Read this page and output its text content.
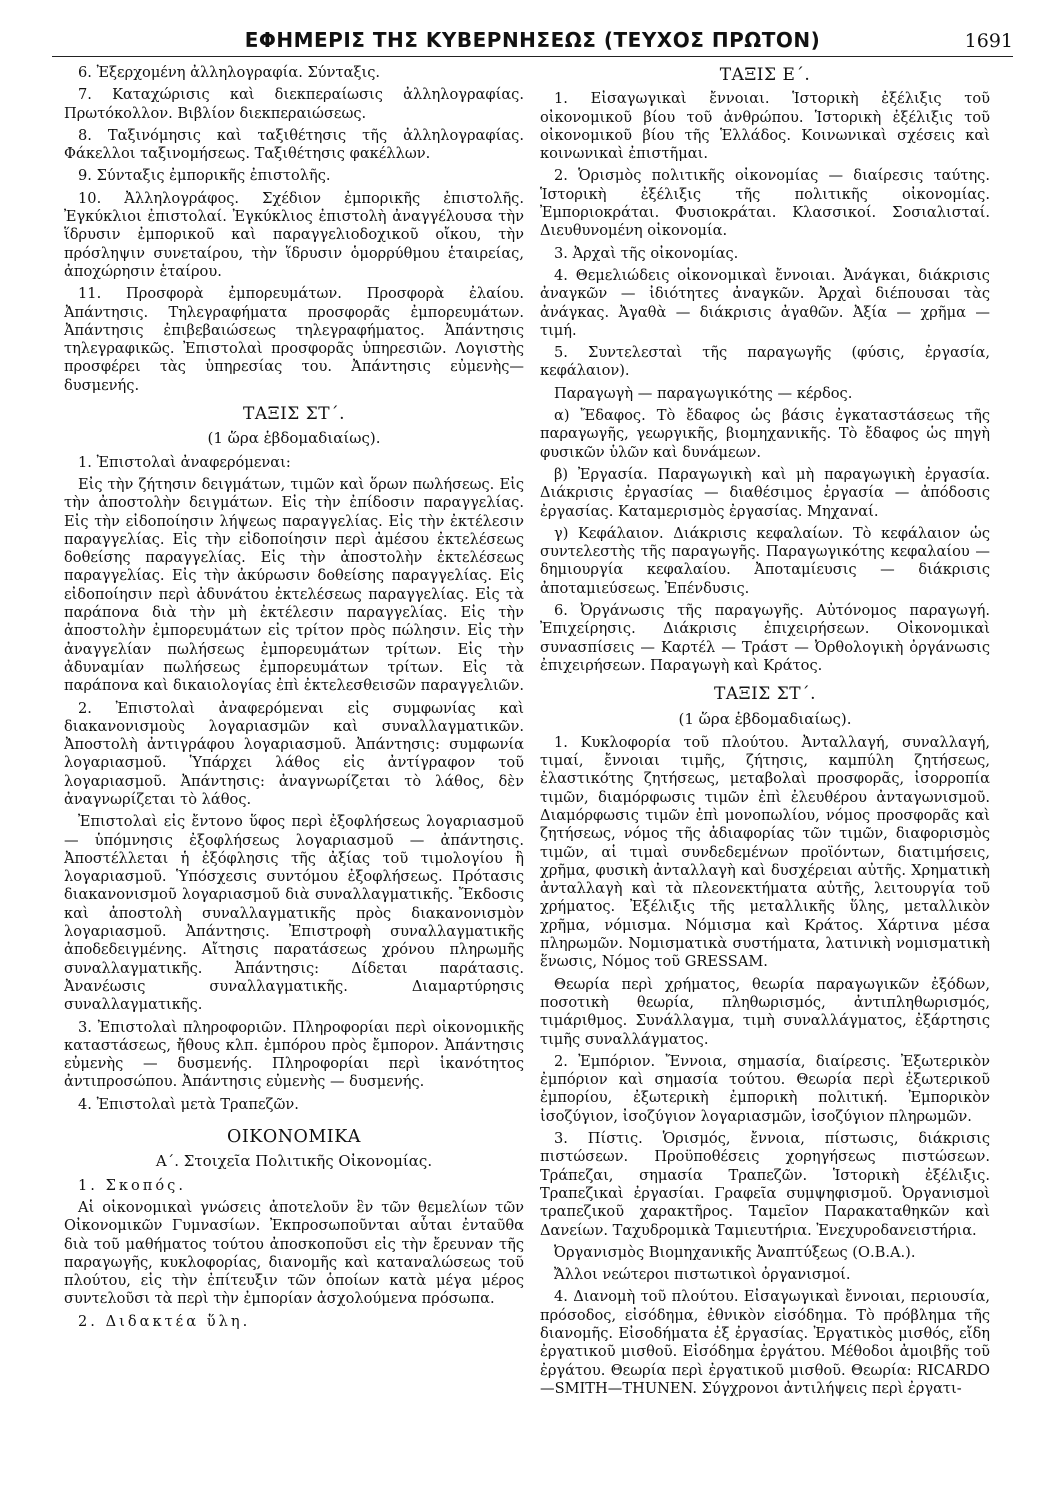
ΕΦΗΜΕΡΙΣ ΤΗΣ ΚΥΒΕΡΝΗΣΕΩΣ (ΤΕΥΧΟΣ ΠΡΩΤΟΝ)	1691

6. Ἐξερχομένη ἀλληλογραφία. Σύνταξις.

7. Καταχώρισις καὶ διεκπεραίωσις ἀλληλογραφίας. Πρωτόκολλον. Βιβλίον διεκπεραιώσεως.

8. Ταξινόμησις καὶ ταξιθέτησις τῆς ἀλληλογραφίας. Φάκελλοι ταξινομήσεως. Ταξιθέτησις φακέλλων.

9. Σύνταξις ἐμπορικῆς ἐπιστολῆς.

10. Ἀλληλογράφος. Σχέδιον ἐμπορικῆς ἐπιστολῆς. Ἐγκύκλιοι ἐπιστολαί. Ἐγκύκλιος ἐπιστολὴ ἀναγγέλουσα τὴν ἵδρυσιν ἐμπορικοῦ καὶ παραγγελιοδοχικοῦ οἴκου, τὴν πρόσληψιν συνεταίρου, τὴν ἵδρυσιν ὁμορρύθμου ἑταιρείας, ἀποχώρησιν ἑταίρου.

11. Προσφορὰ ἐμπορευμάτων. Προσφορὰ ἐλαίου. Ἀπάντησις. Τηλεγραφήματα προσφορᾶς ἐμπορευμάτων. Ἀπάντησις ἐπιβεβαιώσεως τηλεγραφήματος. Ἀπάντησις τηλεγραφικῶς. Ἐπιστολαὶ προσφορᾶς ὑπηρεσιῶν. Λογιστὴς προσφέρει τὰς ὑπηρεσίας του. Ἀπάντησις εὐμενὴς—δυσμενής.

ΤΑΞΙΣ ΣΤ΄.
(1 ὥρα ἑβδομαδιαίως).

1. Ἐπιστολαὶ ἀναφερόμεναι:

Εἰς τὴν ζήτησιν δειγμάτων, τιμῶν καὶ ὅρων πωλήσεως. Εἰς τὴν ἀποστολὴν δειγμάτων. Εἰς τὴν ἐπίδοσιν παραγγελίας. Εἰς τὴν εἰδοποίησιν λήψεως παραγγελίας. Εἰς τὴν ἐκτέλεσιν παραγγελίας. Εἰς τὴν εἰδοποίησιν περὶ ἀμέσου ἐκτελέσεως δοθείσης παραγγελίας. Εἰς τὴν ἀποστολὴν ἐκτελέσεως παραγγελίας. Εἰς τὴν ἀκύρωσιν δοθείσης παραγγελίας. Εἰς εἰδοποίησιν περὶ ἀδυνάτου ἐκτελέσεως παραγγελίας. Εἰς τὰ παράπονα διὰ τὴν μὴ ἐκτέλεσιν παραγγελίας. Εἰς τὴν ἀποστολὴν ἐμπορευμάτων εἰς τρίτον πρὸς πώλησιν. Εἰς τὴν ἀναγγελίαν πωλήσεως ἐμπορευμάτων τρίτων. Εἰς τὴν ἀδυναμίαν πωλήσεως ἐμπορευμάτων τρίτων. Εἰς τὰ παράπονα καὶ δικαιολογίας ἐπὶ ἐκτελεσθεισῶν παραγγελιῶν.

2. Ἐπιστολαὶ ἀναφερόμεναι εἰς συμφωνίας καὶ διακανονισμοὺς λογαριασμῶν καὶ συναλλαγματικῶν. Ἀποστολὴ ἀντιγράφου λογαριασμοῦ. Ἀπάντησις: συμφωνία λογαριασμοῦ. Ὑπάρχει λάθος εἰς ἀντίγραφον τοῦ λογαριασμοῦ. Ἀπάντησις: ἀναγνωρίζεται τὸ λάθος, δὲν ἀναγνωρίζεται τὸ λάθος.

Ἐπιστολαὶ εἰς ἔντονο ὕφος περὶ ἐξοφλήσεως λογαριασμοῦ — ὑπόμνησις ἐξοφλήσεως λογαριασμοῦ — ἀπάντησις. Ἀποστέλλεται ἡ ἐξόφλησις τῆς ἀξίας τοῦ τιμολογίου ἢ λογαριασμοῦ. Ὑπόσχεσις συντόμου ἐξοφλήσεως. Πρότασις διακανονισμοῦ λογαριασμοῦ διὰ συναλλαγματικῆς. Ἔκδοσις καὶ ἀποστολὴ συναλλαγματικῆς πρὸς διακανονισμὸν λογαριασμοῦ. Ἀπάντησις. Ἐπιστροφὴ συναλλαγματικῆς ἀποδεδειγμένης. Αἴτησις παρατάσεως χρόνου πληρωμῆς συναλλαγματικῆς. Ἀπάντησις: Δίδεται παράτασις. Ἀνανέωσις συναλλαγματικῆς. Διαμαρτύρησις συναλλαγματικῆς.

3. Ἐπιστολαὶ πληροφοριῶν. Πληροφορίαι περὶ οἰκονομικῆς καταστάσεως, ἤθους κλπ. ἐμπόρου πρὸς ἔμπορον. Ἀπάντησις εὐμενὴς — δυσμενής. Πληροφορίαι περὶ ἱκανότητος ἀντιπροσώπου. Ἀπάντησις εὐμενὴς — δυσμενής.

4. Ἐπιστολαὶ μετὰ Τραπεζῶν.

ΟΙΚΟΝΟΜΙΚΑ
Α΄. Στοιχεῖα Πολιτικῆς Οἰκονομίας.

1. Σκοπός.

Αἱ οἰκονομικαὶ γνώσεις ἀποτελοῦν ἓν τῶν θεμελίων τῶν Οἰκονομικῶν Γυμνασίων. Ἐκπροσωποῦνται αὗται ἐνταῦθα διὰ τοῦ μαθήματος τούτου ἀποσκοποῦσι εἰς τὴν ἔρευναν τῆς παραγωγῆς, κυκλοφορίας, διανομῆς καὶ καταναλώσεως τοῦ πλούτου, εἰς τὴν ἐπίτευξιν τῶν ὁποίων κατὰ μέγα μέρος συντελοῦσι τὰ περὶ τὴν ἐμπορίαν ἀσχολούμενα πρόσωπα.

2. Διδακτέα ὕλη.

ΤΑΞΙΣ Ε΄.

1. Εἰσαγωγικαὶ ἔννοιαι. Ἱστορικὴ ἐξέλιξις τοῦ οἰκονομικοῦ βίου τοῦ ἀνθρώπου. Ἱστορικὴ ἐξέλιξις τοῦ οἰκονομικοῦ βίου τῆς Ἑλλάδος. Κοινωνικαὶ σχέσεις καὶ κοινωνικαὶ ἐπιστῆμαι.

2. Ὁρισμὸς πολιτικῆς οἰκονομίας — διαίρεσις ταύτης. Ἱστορικὴ ἐξέλιξις τῆς πολιτικῆς οἰκονομίας. Ἐμποριοκράται. Φυσιοκράται. Κλασσικοί. Σοσιαλισταί. Διευθυνομένη οἰκονομία.

3. Ἀρχαὶ τῆς οἰκονομίας.

4. Θεμελιώδεις οἰκονομικαὶ ἔννοιαι. Ἀνάγκαι, διάκρισις ἀναγκῶν — ἰδιότητες ἀναγκῶν. Ἀρχαὶ διέπουσαι τὰς ἀνάγκας. Ἀγαθὰ — διάκρισις ἀγαθῶν. Ἀξία — χρῆμα — τιμή.

5. Συντελεσταὶ τῆς παραγωγῆς (φύσις, ἐργασία, κεφάλαιον).

Παραγωγὴ — παραγωγικότης — κέρδος.

α) Ἔδαφος. Τὸ ἔδαφος ὡς βάσις ἐγκαταστάσεως τῆς παραγωγῆς, γεωργικῆς, βιομηχανικῆς. Τὸ ἔδαφος ὡς πηγὴ φυσικῶν ὑλῶν καὶ δυνάμεων.

β) Ἐργασία. Παραγωγικὴ καὶ μὴ παραγωγικὴ ἐργασία. Διάκρισις ἐργασίας — διαθέσιμος ἐργασία — ἀπόδοσις ἐργασίας. Καταμερισμὸς ἐργασίας. Μηχαναί.

γ) Κεφάλαιον. Διάκρισις κεφαλαίων. Τὸ κεφάλαιον ὡς συντελεστὴς τῆς παραγωγῆς. Παραγωγικότης κεφαλαίου — δημιουργία κεφαλαίου. Ἀποταμίευσις — διάκρισις ἀποταμιεύσεως. Ἐπένδυσις.

6. Ὀργάνωσις τῆς παραγωγῆς. Αὐτόνομος παραγωγή. Ἐπιχείρησις. Διάκρισις ἐπιχειρήσεων. Οἰκονομικαὶ συνασπίσεις — Καρτέλ — Τράστ — Ὀρθολογικὴ ὀργάνωσις ἐπιχειρήσεων. Παραγωγὴ καὶ Κράτος.

ΤΑΞΙΣ ΣΤ΄.
(1 ὥρα ἑβδομαδιαίως).

1. Κυκλοφορία τοῦ πλούτου. Ἀνταλλαγή, συναλλαγή, τιμαί, ἔννοιαι τιμῆς, ζήτησις, καμπύλη ζητήσεως, ἐλαστικότης ζητήσεως, μεταβολαὶ προσφορᾶς, ἰσορροπία τιμῶν, διαμόρφωσις τιμῶν ἐπὶ ἐλευθέρου ἀνταγωνισμοῦ. Διαμόρφωσις τιμῶν ἐπὶ μονοπωλίου, νόμος προσφορᾶς καὶ ζητήσεως, νόμος τῆς ἀδιαφορίας τῶν τιμῶν, διαφορισμὸς τιμῶν, αἱ τιμαὶ συνδεδεμένων προϊόντων, διατιμήσεις, χρῆμα, φυσικὴ ἀνταλλαγὴ καὶ δυσχέρειαι αὐτῆς. Χρηματικὴ ἀνταλλαγὴ καὶ τὰ πλεονεκτήματα αὐτῆς, λειτουργία τοῦ χρήματος. Ἐξέλιξις τῆς μεταλλικῆς ὕλης, μεταλλικὸν χρῆμα, νόμισμα. Νόμισμα καὶ Κράτος. Χάρτινα μέσα πληρωμῶν. Νομισματικὰ συστήματα, λατινικὴ νομισματικὴ ἕνωσις, Νόμος τοῦ GRESSAM.

Θεωρία περὶ χρήματος, θεωρία παραγωγικῶν ἐξόδων, ποσοτικὴ θεωρία, πληθωρισμός, ἀντιπληθωρισμός, τιμάριθμος. Συνάλλαγμα, τιμὴ συναλλάγματος, ἐξάρτησις τιμῆς συναλλάγματος.

2. Ἐμπόριον. Ἔννοια, σημασία, διαίρεσις. Ἐξωτερικὸν ἐμπόριον καὶ σημασία τούτου. Θεωρία περὶ ἐξωτερικοῦ ἐμπορίου, ἐξωτερικὴ ἐμπορικὴ πολιτική. Ἐμπορικὸν ἰσοζύγιον, ἰσοζύγιον λογαριασμῶν, ἰσοζύγιον πληρωμῶν.

3. Πίστις. Ὁρισμός, ἔννοια, πίστωσις, διάκρισις πιστώσεων. Προϋποθέσεις χορηγήσεως πιστώσεων. Τράπεζαι, σημασία Τραπεζῶν. Ἱστορικὴ ἐξέλιξις. Τραπεζικαὶ ἐργασίαι. Γραφεῖα συμψηφισμοῦ. Ὀργανισμοὶ τραπεζικοῦ χαρακτῆρος. Ταμεῖον Παρακαταθηκῶν καὶ Δανείων. Ταχυδρομικὰ Ταμιευτήρια. Ἐνεχυροδανειστήρια.

Ὀργανισμὸς Βιομηχανικῆς Ἀναπτύξεως (Ο.Β.Α.).

Ἄλλοι νεώτεροι πιστωτικοὶ ὀργανισμοί.

4. Διανομὴ τοῦ πλούτου. Εἰσαγωγικαὶ ἔννοιαι, περιουσία, πρόσοδος, εἰσόδημα, ἐθνικὸν εἰσόδημα. Τὸ πρόβλημα τῆς διανομῆς. Εἰσοδήματα ἐξ ἐργασίας. Ἐργατικὸς μισθός, εἴδη ἐργατικοῦ μισθοῦ. Εἰσόδημα ἐργάτου. Μέθοδοι ἀμοιβῆς τοῦ ἐργάτου. Θεωρία περὶ ἐργατικοῦ μισθοῦ. Θεωρία: RICARDO—SMITH—THUNEN. Σύγχρονοι ἀντιλήψεις περὶ ἐργατι-
